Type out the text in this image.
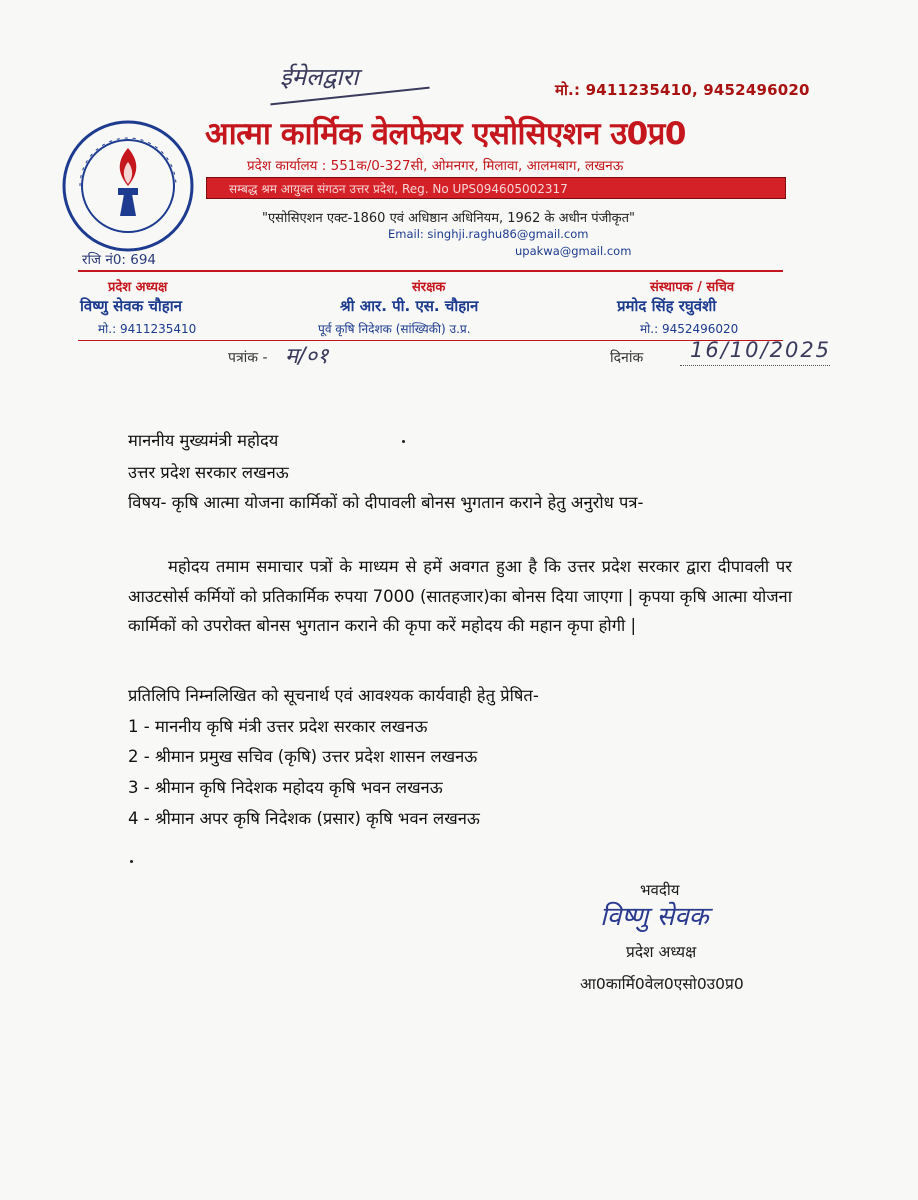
ईमेलद्वारा	मो.: 9411235410, 9452496020
आत्मा कार्मिक वेलफेयर एसोसिएशन उ0प्र0
प्रदेश कार्यालय : 551क/0-327सी, ओमनगर, मिलावा, आलमबाग, लखनऊ
सम्बद्ध श्रम आयुक्त संगठन उत्तर प्रदेश, Reg. No UPS094605002317
"एसोसिएशन एक्ट-1860 एवं अधिष्ठान अधिनियम, 1962 के अधीन पंजीकृत"
Email: singhji.raghu86@gmail.com
upakwa@gmail.com
रजि नं0: 694
प्रदेश अध्यक्ष
विष्णु सेवक चौहान
मो.: 9411235410
संरक्षक
श्री आर. पी. एस. चौहान
पूर्व कृषि निदेशक (सांख्यिकी) उ.प्र.
संस्थापक / सचिव
प्रमोद सिंह रघुवंशी
मो.: 9452496020
पत्रांक - म/०१	दिनांक 16/10/2025
माननीय मुख्यमंत्री महोदय
उत्तर प्रदेश सरकार लखनऊ
विषय- कृषि आत्मा योजना कार्मिकों को दीपावली बोनस भुगतान कराने हेतु अनुरोध पत्र-
महोदय तमाम समाचार पत्रों के माध्यम से हमें अवगत हुआ है कि उत्तर प्रदेश सरकार द्वारा दीपावली पर आउटसोर्स कर्मियों को प्रतिकार्मिक रुपया 7000 (सातहजार)का बोनस दिया जाएगा | कृपया कृषि आत्मा योजना कार्मिकों को उपरोक्त बोनस भुगतान कराने की कृपा करें महोदय की महान कृपा होगी |
प्रतिलिपि निम्नलिखित को सूचनार्थ एवं आवश्यक कार्यवाही हेतु प्रेषित-
1 - माननीय कृषि मंत्री उत्तर प्रदेश सरकार लखनऊ
2 - श्रीमान प्रमुख सचिव (कृषि) उत्तर प्रदेश शासन लखनऊ
3 - श्रीमान कृषि निदेशक महोदय कृषि भवन लखनऊ
4 - श्रीमान अपर कृषि निदेशक (प्रसार) कृषि भवन लखनऊ
भवदीय
विष्णु सेवक
प्रदेश अध्यक्ष
आ0कार्मि0वेल0एसो0उ0प्र0
